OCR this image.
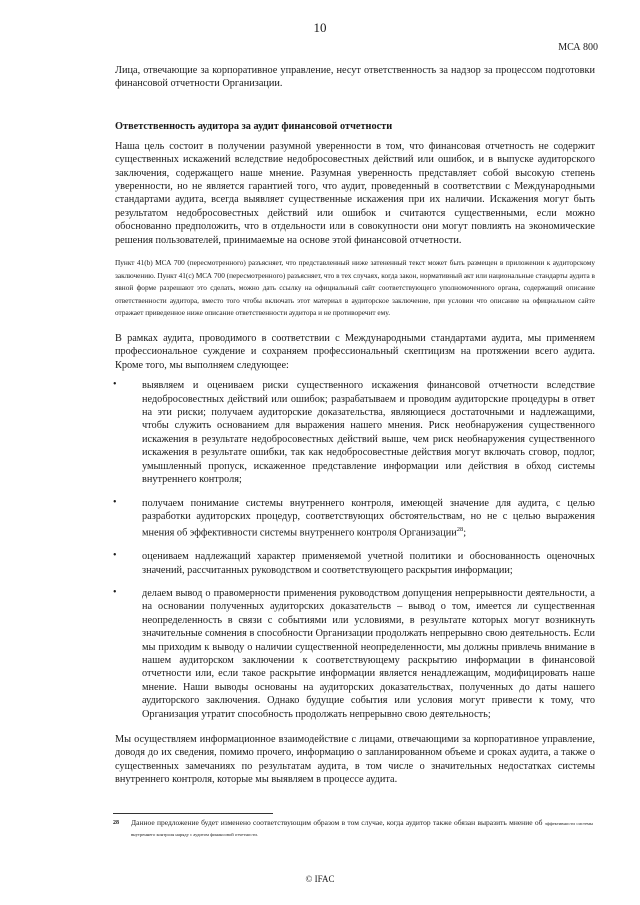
10
МСА 800

Лица, отвечающие за корпоративное управление, несут ответственность за надзор за процессом подготовки финансовой отчетности Организации.

Ответственность аудитора за аудит финансовой отчетности

Наша цель состоит в получении разумной уверенности в том, что финансовая отчетность не содержит существенных искажений вследствие недобросовестных действий или ошибок, и в выпуске аудиторского заключения, содержащего наше мнение. Разумная уверенность представляет собой высокую степень уверенности, но не является гарантией того, что аудит, проведенный в соответствии с Международными стандартами аудита, всегда выявляет существенные искажения при их наличии. Искажения могут быть результатом недобросовестных действий или ошибок и считаются существенными, если можно обоснованно предположить, что в отдельности или в совокупности они могут повлиять на экономические решения пользователей, принимаемые на основе этой финансовой отчетности.

Пункт 41(b) МСА 700 (пересмотренного) разъясняет, что представленный ниже затененный текст может быть размещен в приложении к аудиторскому заключению. Пункт 41(c) МСА 700 (пересмотренного) разъясняет, что в тех случаях, когда закон, нормативный акт или национальные стандарты аудита в явной форме разрешают это сделать, можно дать ссылку на официальный сайт соответствующего уполномоченного органа, содержащий описание ответственности аудитора, вместо того чтобы включать этот материал в аудиторское заключение, при условии что описание на официальном сайте отражает приведенное ниже описание ответственности аудитора и не противоречит ему.

В рамках аудита, проводимого в соответствии с Международными стандартами аудита, мы применяем профессиональное суждение и сохраняем профессиональный скептицизм на протяжении всего аудита. Кроме того, мы выполняем следующее:

• выявляем и оцениваем риски существенного искажения финансовой отчетности вследствие недобросовестных действий или ошибок; разрабатываем и проводим аудиторские процедуры в ответ на эти риски; получаем аудиторские доказательства, являющиеся достаточными и надлежащими, чтобы служить основанием для выражения нашего мнения. Риск необнаружения существенного искажения в результате недобросовестных действий выше, чем риск необнаружения существенного искажения в результате ошибки, так как недобросовестные действия могут включать сговор, подлог, умышленный пропуск, искаженное представление информации или действия в обход системы внутреннего контроля;

• получаем понимание системы внутреннего контроля, имеющей значение для аудита, с целью разработки аудиторских процедур, соответствующих обстоятельствам, но не с целью выражения мнения об эффективности системы внутреннего контроля Организации$^{28}$;

• оцениваем надлежащий характер применяемой учетной политики и обоснованность оценочных значений, рассчитанных руководством и соответствующего раскрытия информации;

• делаем вывод о правомерности применения руководством допущения непрерывности деятельности, а на основании полученных аудиторских доказательств – вывод о том, имеется ли существенная неопределенность в связи с событиями или условиями, в результате которых могут возникнуть значительные сомнения в способности Организации продолжать непрерывно свою деятельность. Если мы приходим к выводу о наличии существенной неопределенности, мы должны привлечь внимание в нашем аудиторском заключении к соответствующему раскрытию информации в финансовой отчетности или, если такое раскрытие информации является ненадлежащим, модифицировать наше мнение. Наши выводы основаны на аудиторских доказательствах, полученных до даты нашего аудиторского заключения. Однако будущие события или условия могут привести к тому, что Организация утратит способность продолжать непрерывно свою деятельность;

Мы осуществляем информационное взаимодействие с лицами, отвечающими за корпоративное управление, доводя до их сведения, помимо прочего, информацию о запланированном объеме и сроках аудита, а также о существенных замечаниях по результатам аудита, в том числе о значительных недостатках системы внутреннего контроля, которые мы выявляем в процессе аудита.

28 Данное предложение будет изменено соответствующим образом в том случае, когда аудитор также обязан выразить мнение об эффективности системы внутреннего контроля наряду с аудитом финансовой отчетности.
© IFAC
